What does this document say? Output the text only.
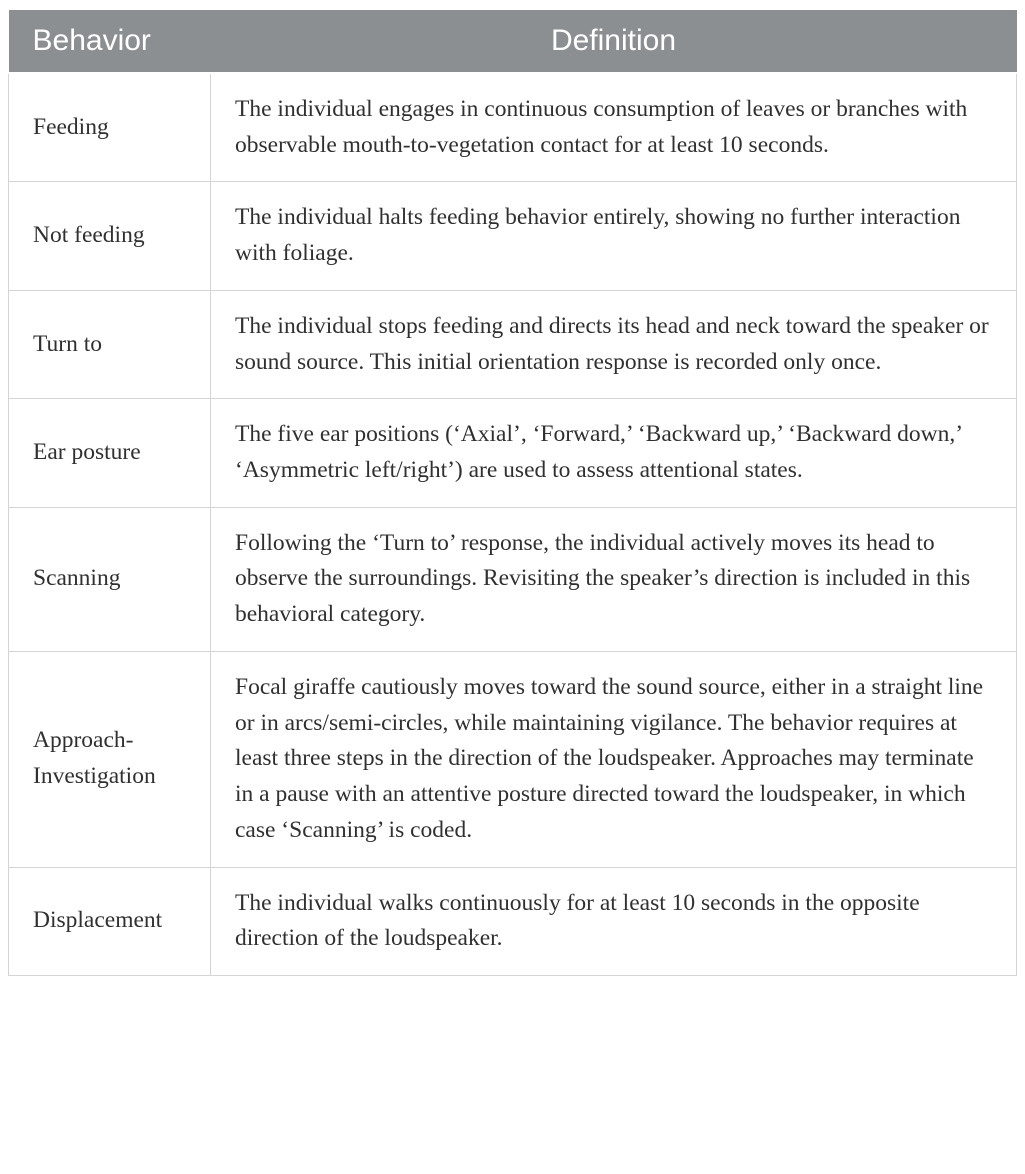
Behavior	Definition
Feeding	The individual engages in continuous consumption of leaves or branches with observable mouth-to-vegetation contact for at least 10 seconds.
Not feeding	The individual halts feeding behavior entirely, showing no further interaction with foliage.
Turn to	The individual stops feeding and directs its head and neck toward the speaker or sound source. This initial orientation response is recorded only once.
Ear posture	The five ear positions (‘Axial’, ‘Forward,’ ‘Backward up,’ ‘Backward down,’ ‘Asymmetric left/right’) are used to assess attentional states.
Scanning	Following the ‘Turn to’ response, the individual actively moves its head to observe the surroundings. Revisiting the speaker’s direction is included in this behavioral category.
Approach-Investigation	Focal giraffe cautiously moves toward the sound source, either in a straight line or in arcs/semi-circles, while maintaining vigilance. The behavior requires at least three steps in the direction of the loudspeaker. Approaches may terminate in a pause with an attentive posture directed toward the loudspeaker, in which case ‘Scanning’ is coded.
Displacement	The individual walks continuously for at least 10 seconds in the opposite direction of the loudspeaker.
